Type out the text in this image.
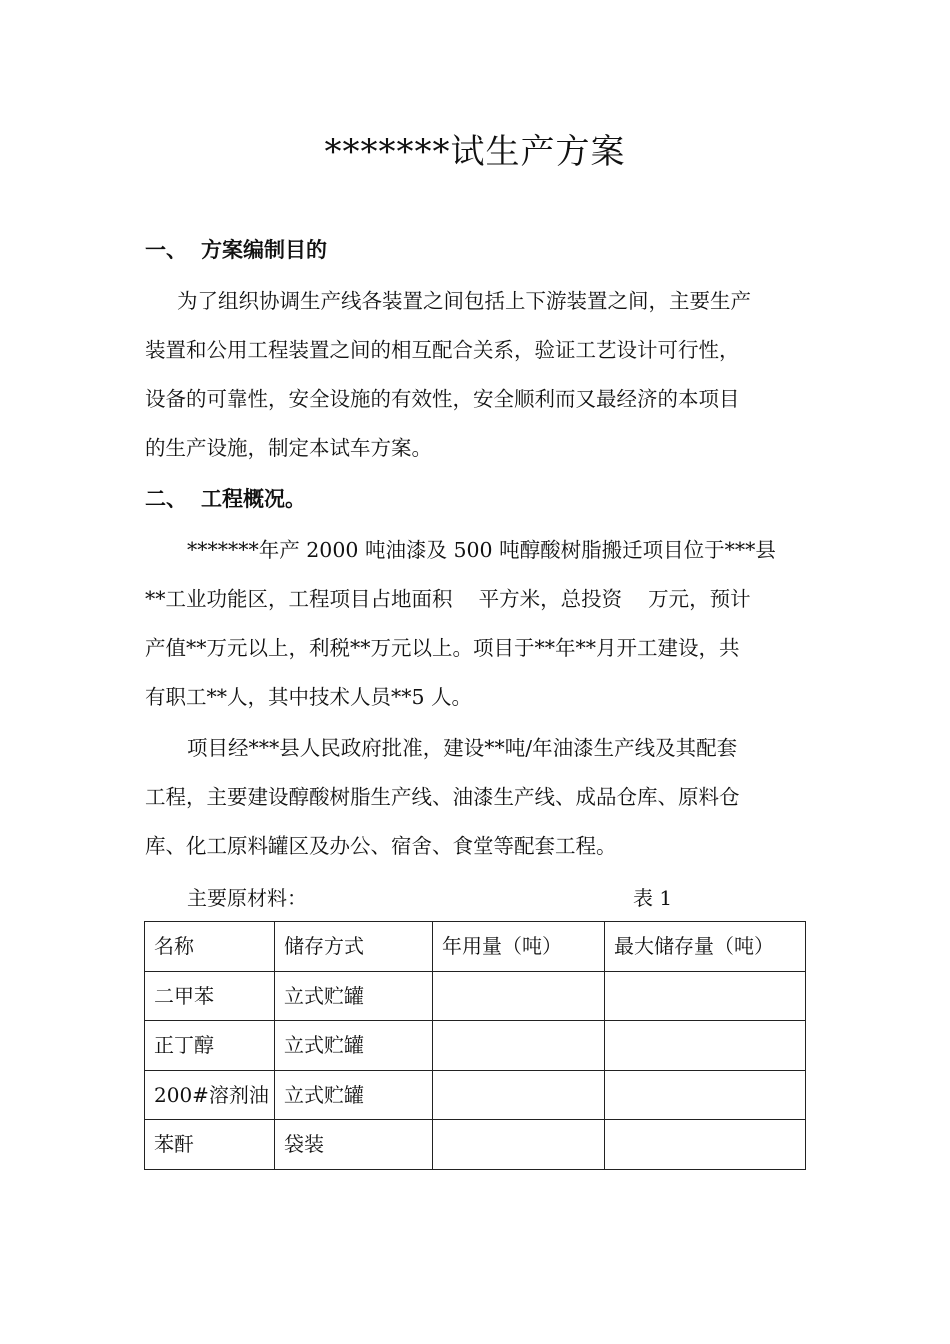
*******试生产方案
一、 方案编制目的
为了组织协调生产线各装置之间包括上下游装置之间，主要生产
装置和公用工程装置之间的相互配合关系，验证工艺设计可行性，
设备的可靠性，安全设施的有效性，安全顺利而又最经济的本项目
的生产设施，制定本试车方案。
二、 工程概况。
*******年产 2000 吨油漆及 500 吨醇酸树脂搬迁项目位于***县
**工业功能区，工程项目占地面积    平方米，总投资    万元，预计
产值**万元以上，利税**万元以上。项目于**年**月开工建设，共
有职工**人，其中技术人员**5 人。
项目经***县人民政府批准，建设**吨/年油漆生产线及其配套
工程，主要建设醇酸树脂生产线、油漆生产线、成品仓库、原料仓
库、化工原料罐区及办公、宿舍、食堂等配套工程。
主要原材料：	表 1
名称	储存方式	年用量（吨）	最大储存量（吨）
二甲苯	立式贮罐		
正丁醇	立式贮罐		
200#溶剂油	立式贮罐		
苯酐	袋装		
